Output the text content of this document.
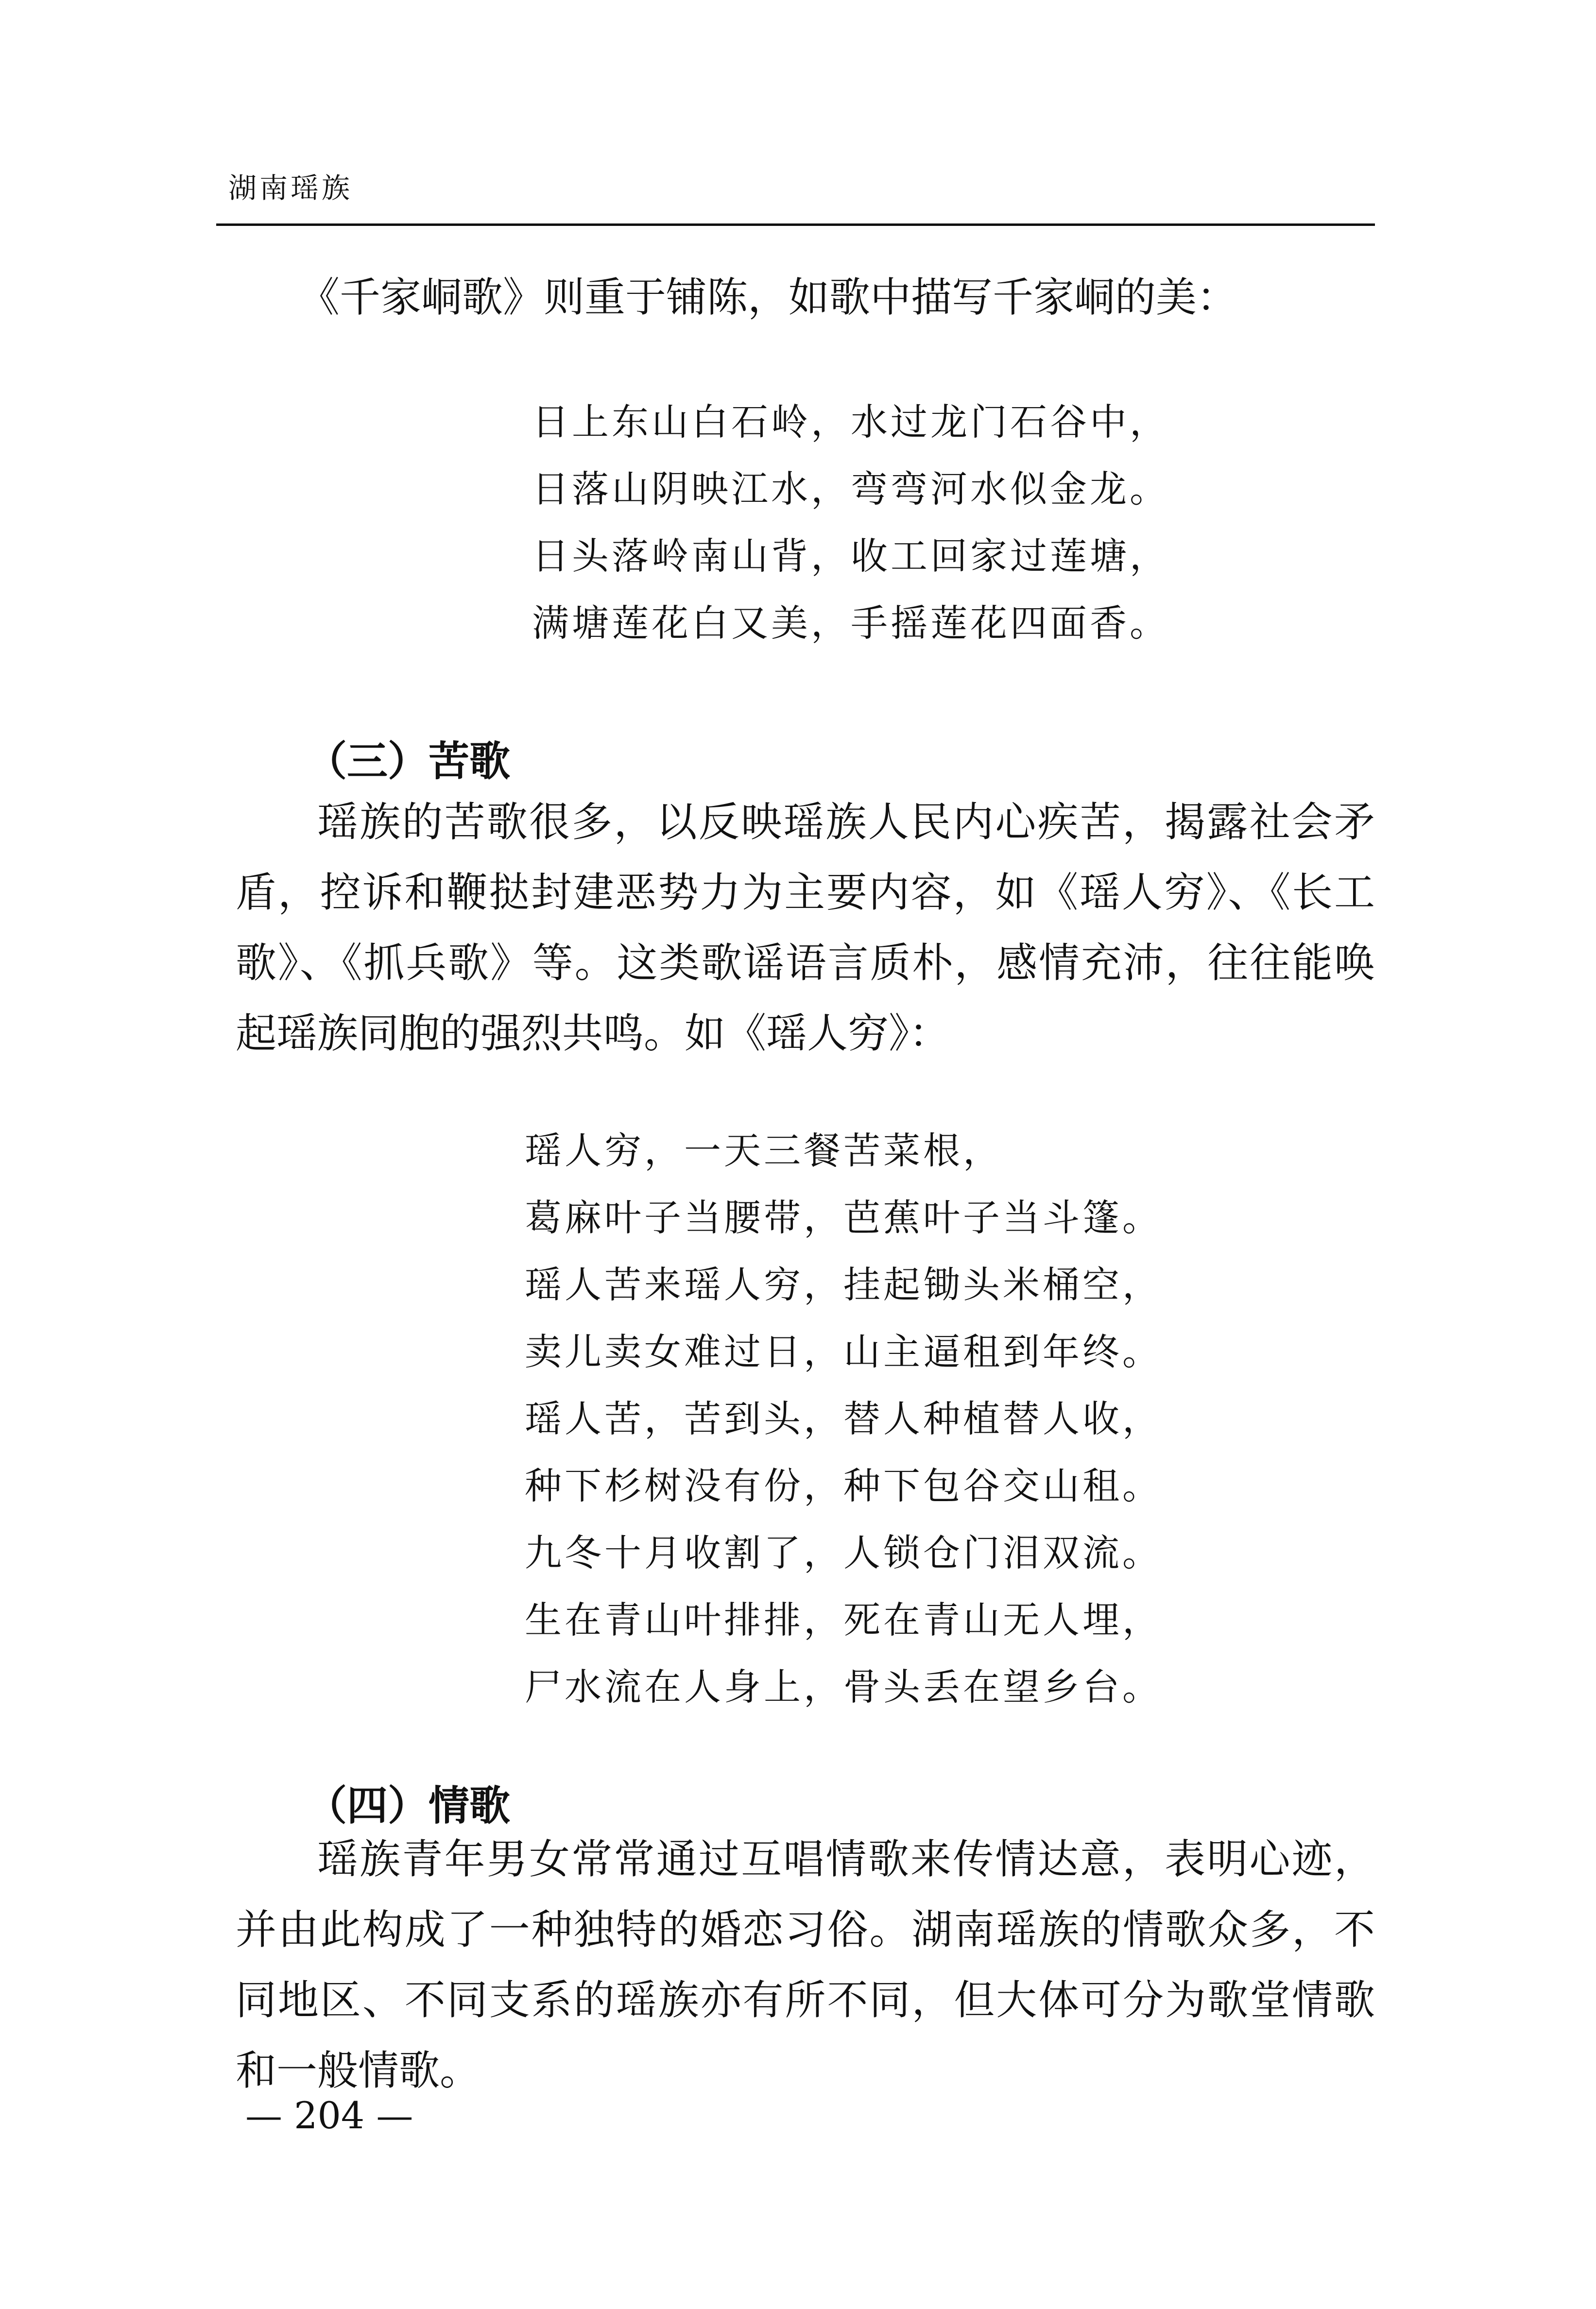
湖南瑶族

《千家峒歌》则重于铺陈，如歌中描写千家峒的美：

日上东山白石岭，水过龙门石谷中，
日落山阴映江水，弯弯河水似金龙。
日头落岭南山背，收工回家过莲塘，
满塘莲花白又美，手摇莲花四面香。
（三）苦歌

瑶族的苦歌很多，以反映瑶族人民内心疾苦，揭露社会矛盾，控诉和鞭挞封建恶势力为主要内容，如《瑶人穷》、《长工歌》、《抓兵歌》等。这类歌谣语言质朴，感情充沛，往往能唤起瑶族同胞的强烈共鸣。如《瑶人穷》：

瑶人穷，一天三餐苦菜根，
葛麻叶子当腰带，芭蕉叶子当斗篷。
瑶人苦来瑶人穷，挂起锄头米桶空，
卖儿卖女难过日，山主逼租到年终。
瑶人苦，苦到头，替人种植替人收，
种下杉树没有份，种下包谷交山租。
九冬十月收割了，人锁仓门泪双流。
生在青山叶排排，死在青山无人埋，
尸水流在人身上，骨头丢在望乡台。
（四）情歌

瑶族青年男女常常通过互唱情歌来传情达意，表明心迹，并由此构成了一种独特的婚恋习俗。湖南瑶族的情歌众多，不同地区、不同支系的瑶族亦有所不同，但大体可分为歌堂情歌和一般情歌。

— 204 —
